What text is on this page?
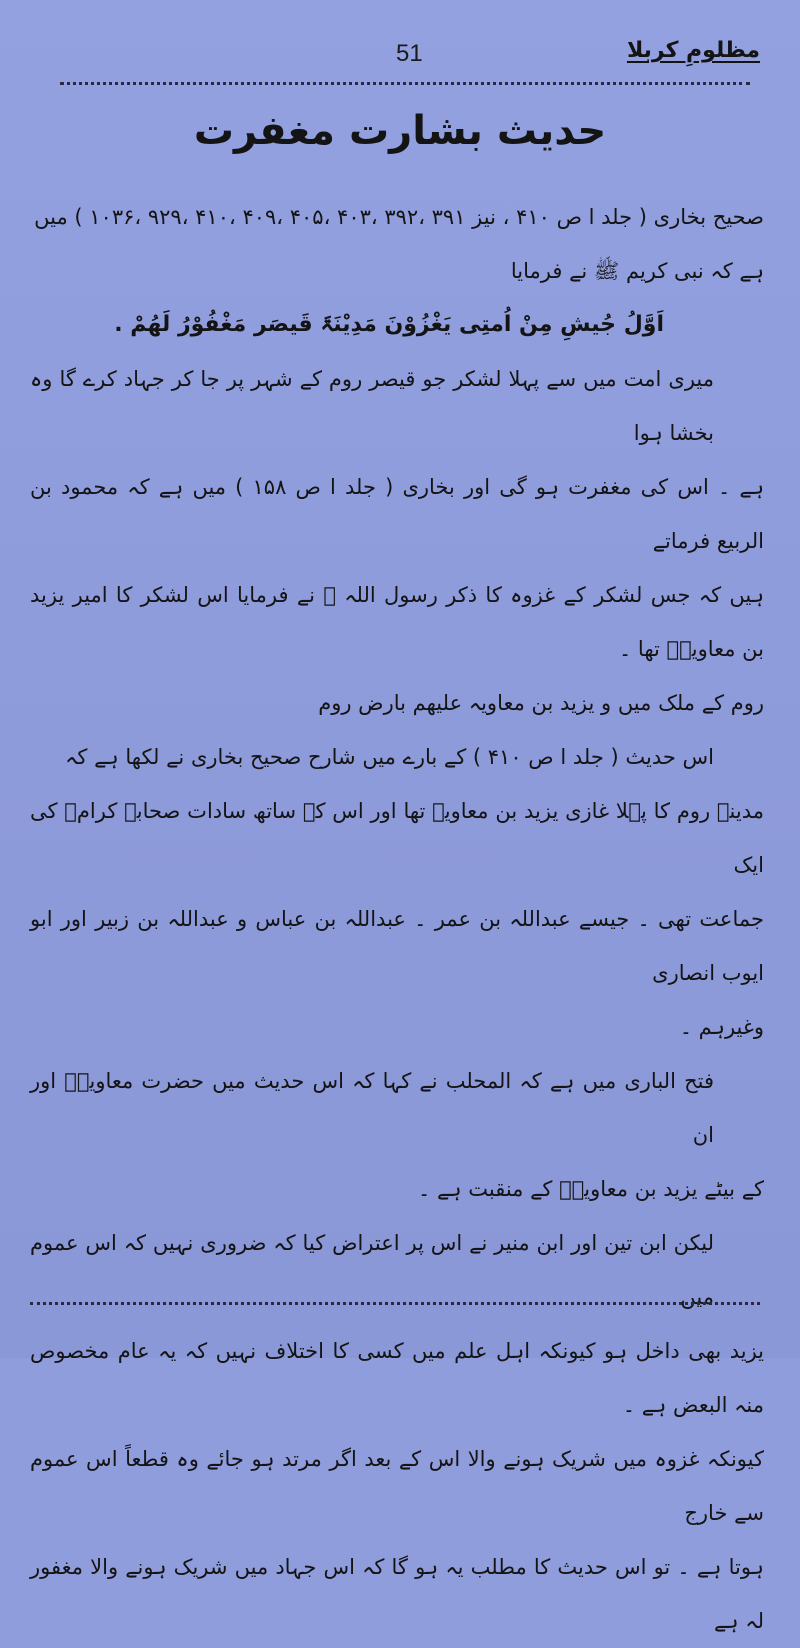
51	مظلومِ کربلا
حدیث بشارت مغفرت

صحیح بخاری ( جلد ا ص ۴۱۰ ، نیز ۳۹۱ ،۳۹۲ ،۴۰۳ ،۴۰۵ ،۴۰۹ ،۴۱۰ ،۹۲۹ ،۱۰۳۶ ) میں

ہے کہ نبی کریم ﷺ نے فرمایا

اَوَّلُ جُیشِ مِنْ اُمتِی یَغْزُوْنَ مَدِیْنَۃَ قَیصَر مَغْفُوْرُ لَھُمْ .

میری امت میں سے پہلا لشکر جو قیصر روم کے شہر پر جا کر جہاد کرے گا وہ بخشا ہوا

ہے ۔ اس کی مغفرت ہو گی اور بخاری ( جلد ا ص ۱۵۸ ) میں ہے کہ محمود بن الربیع فرماتے

ہیں کہ جس لشکر کے غزوہ کا ذکر رسول اللہ ﷺ نے فرمایا اس لشکر کا امیر یزید بن معاویہؓ تھا ۔

روم کے ملک میں و یزید بن معاویہ علیھم بارض روم

اس حدیث ( جلد ا ص ۴۱۰ ) کے بارے میں شارح صحیح بخاری نے لکھا ہے کہ

مدینۃ روم کا پہلا غازی یزید بن معاویہ تھا اور اس کے ساتھ سادات صحابہ کرامؓ کی ایک

جماعت تھی ۔ جیسے عبداللہ بن عمر ۔ عبداللہ بن عباس و عبداللہ بن زبیر اور ابو ایوب انصاری

وغیرہم ۔

فتح الباری میں ہے کہ المحلب نے کہا کہ اس حدیث میں حضرت معاویہؓ اور ان

کے بیٹے یزید بن معاویہؓ کے منقبت ہے ۔

لیکن ابن تین اور ابن منیر نے اس پر اعتراض کیا کہ ضروری نہیں کہ اس عموم میں

یزید بھی داخل ہو کیونکہ اہل علم میں کسی کا اختلاف نہیں کہ یہ عام مخصوص منہ البعض ہے ۔

کیونکہ غزوہ میں شریک ہونے والا اس کے بعد اگر مرتد ہو جائے وہ قطعاً اس عموم سے خارج

ہوتا ہے ۔ تو اس حدیث کا مطلب یہ ہو گا کہ اس جہاد میں شریک ہونے والا مغفور لہ ہے
